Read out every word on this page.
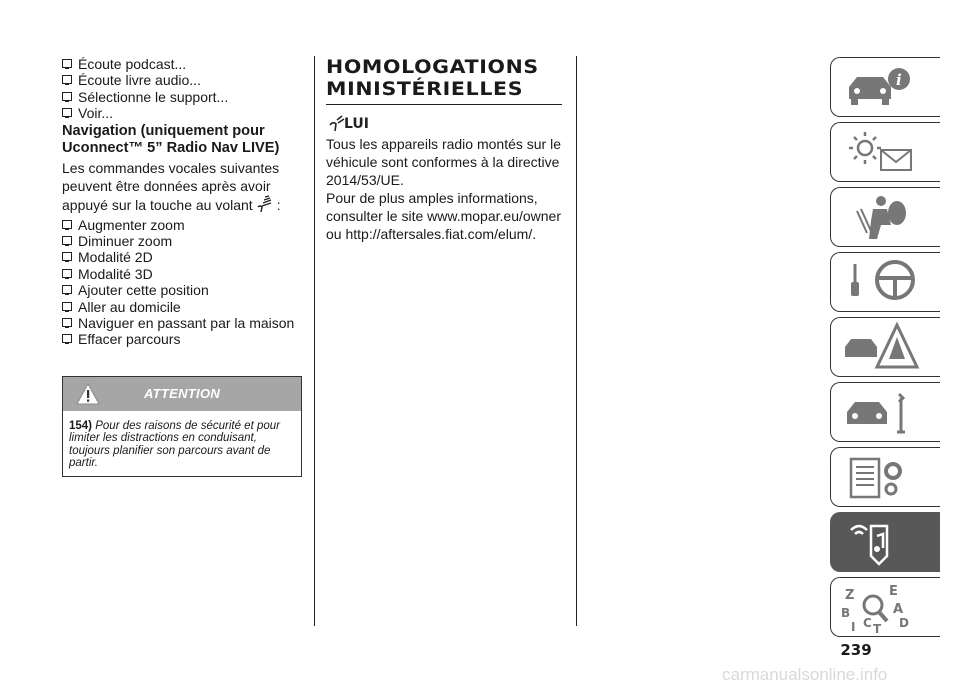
Écoute podcast...
Écoute livre audio...
Sélectionne le support...
Voir...
Navigation (uniquement pour
Uconnect™ 5” Radio Nav LIVE)
Les commandes vocales suivantes
peuvent être données après avoir
appuyé sur la touche au volant :
Augmenter zoom
Diminuer zoom
Modalité 2D
Modalité 3D
Ajouter cette position
Aller au domicile
Naviguer en passant par la maison
Effacer parcours
ATTENTION
154) Pour des raisons de sécurité et pour limiter les distractions en conduisant, toujours planifier son parcours avant de partir.
HOMOLOGATIONS
MINISTÉRIELLES
LUI
Tous les appareils radio montés sur le
véhicule sont conformes à la directive
2014/53/UE.
Pour de plus amples informations,
consulter le site www.mopar.eu/owner
ou http://aftersales.fiat.com/elum/.
i
Z	E
A
B
I C T D
239
carmanualsonline.info
